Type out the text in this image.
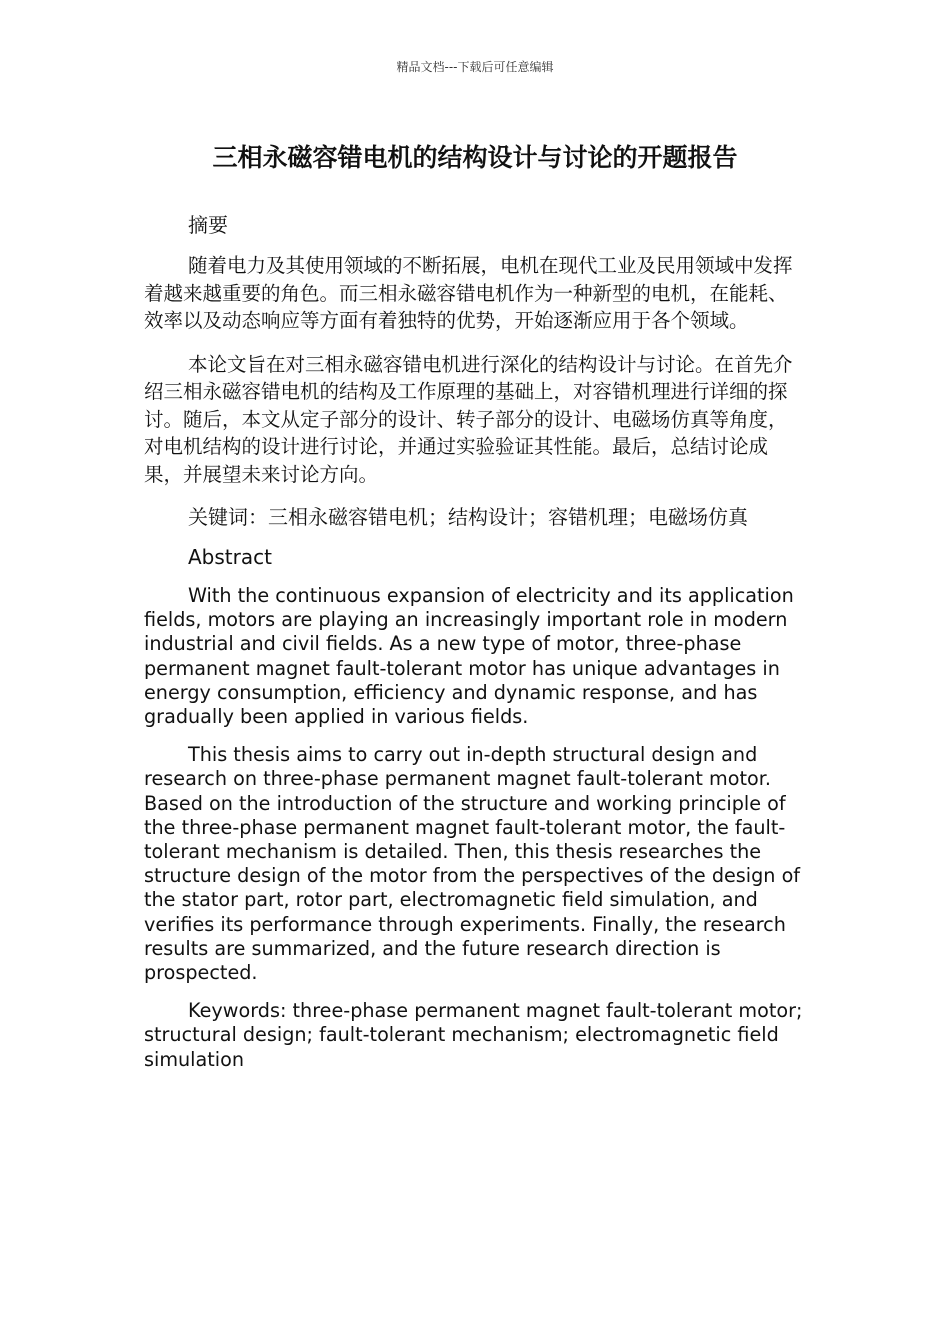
精品文档---下载后可任意编辑
三相永磁容错电机的结构设计与讨论的开题报告

摘要

随着电力及其使用领域的不断拓展，电机在现代工业及民用领域中发挥着越来越重要的角色。而三相永磁容错电机作为一种新型的电机，在能耗、效率以及动态响应等方面有着独特的优势，开始逐渐应用于各个领域。

本论文旨在对三相永磁容错电机进行深化的结构设计与讨论。在首先介绍三相永磁容错电机的结构及工作原理的基础上，对容错机理进行详细的探讨。随后，本文从定子部分的设计、转子部分的设计、电磁场仿真等角度，对电机结构的设计进行讨论，并通过实验验证其性能。最后，总结讨论成果，并展望未来讨论方向。

关键词：三相永磁容错电机；结构设计；容错机理；电磁场仿真

Abstract

With the continuous expansion of electricity and its application fields, motors are playing an increasingly important role in modern industrial and civil fields. As a new type of motor, three-phase permanent magnet fault-tolerant motor has unique advantages in energy consumption, efficiency and dynamic response, and has gradually been applied in various fields.

This thesis aims to carry out in-depth structural design and research on three-phase permanent magnet fault-tolerant motor. Based on the introduction of the structure and working principle of the three-phase permanent magnet fault-tolerant motor, the fault-tolerant mechanism is detailed. Then, this thesis researches the structure design of the motor from the perspectives of the design of the stator part, rotor part, electromagnetic field simulation, and verifies its performance through experiments. Finally, the research results are summarized, and the future research direction is prospected.

Keywords: three-phase permanent magnet fault-tolerant motor; structural design; fault-tolerant mechanism; electromagnetic field simulation
